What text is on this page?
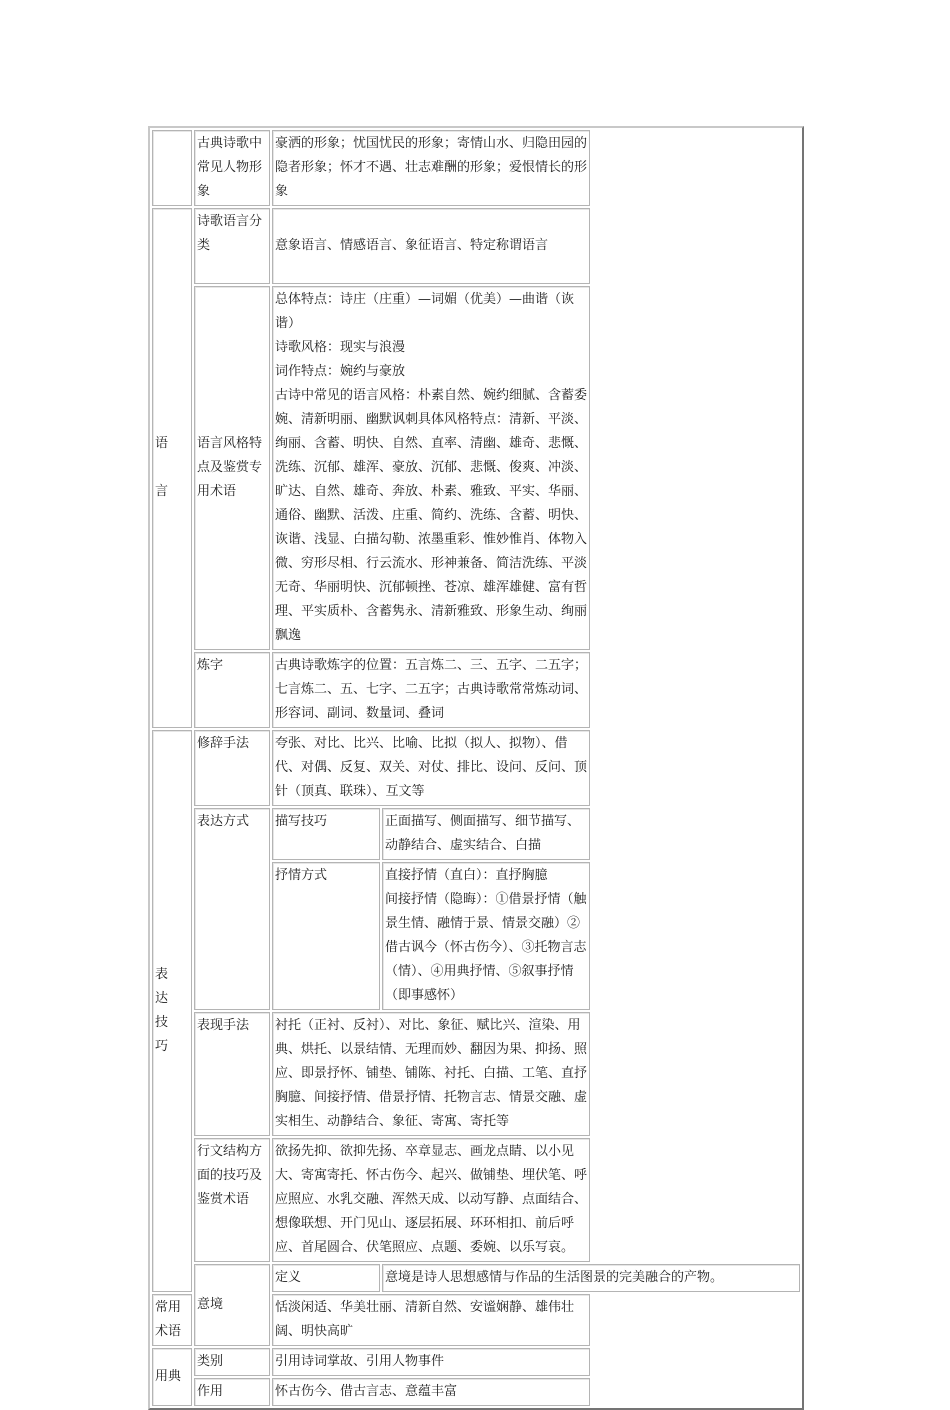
	古典诗歌中常见人物形象	豪洒的形象；忧国忧民的形象；寄情山水、归隐田园的隐者形象；怀才不遇、壮志难酬的形象；爱恨情长的形象	

语
言	诗歌语言分类	意象语言、情感语言、象征语言、特定称谓语言	
	语言风格特点及鉴赏专用术语	总体特点：诗庄（庄重）—词媚（优美）—曲谐（诙谐）
诗歌风格：现实与浪漫
词作特点：婉约与豪放
古诗中常见的语言风格：朴素自然、婉约细腻、含蓄委婉、清新明丽、幽默讽刺具体风格特点：清新、平淡、绚丽、含蓄、明快、自然、直率、清幽、雄奇、悲慨、洗练、沉郁、雄浑、豪放、沉郁、悲慨、俊爽、冲淡、旷达、自然、雄奇、奔放、朴素、雅致、平实、华丽、通俗、幽默、活泼、庄重、简约、洗练、含蓄、明快、诙谐、浅显、白描勾勒、浓墨重彩、惟妙惟肖、体物入微、穷形尽相、行云流水、形神兼备、简洁洗练、平淡无奇、华丽明快、沉郁顿挫、苍凉、雄浑雄健、富有哲理、平实质朴、含蓄隽永、清新雅致、形象生动、绚丽飘逸	

	炼字	古典诗歌炼字的位置：五言炼二、三、五字、二五字；七言炼二、五、七字、二五字；古典诗歌常常炼动词、形容词、副词、数量词、叠词	

表
达
技
巧	修辞手法	夸张、对比、比兴、比喻、比拟（拟人、拟物）、借代、对偶、反复、双关、对仗、排比、设问、反问、顶针（顶真、联珠）、互文等	
	表达方式	描写技巧	正面描写、侧面描写、细节描写、动静结合、虚实结合、白描
		抒情方式	直接抒情（直白）：直抒胸臆
间接抒情（隐晦）：①借景抒情（触景生情、融情于景、情景交融）②借古讽今（怀古伤今）、③托物言志（情）、④用典抒情、⑤叙事抒情（即事感怀）

	表现手法	衬托（正衬、反衬）、对比、象征、赋比兴、渲染、用典、烘托、以景结情、无理而妙、翻因为果、抑扬、照应、即景抒怀、铺垫、铺陈、衬托、白描、工笔、直抒胸臆、间接抒情、借景抒情、托物言志、情景交融、虚实相生、动静结合、象征、寄寓、寄托等	
	行文结构方面的技巧及鉴赏术语	欲扬先抑、欲抑先扬、卒章显志、画龙点睛、以小见大、寄寓寄托、怀古伤今、起兴、做铺垫、埋伏笔、呼应照应、水乳交融、浑然天成、以动写静、点面结合、想像联想、开门见山、逐层拓展、环环相扣、前后呼应、首尾圆合、伏笔照应、点题、委婉、以乐写哀。	
	意境	定义	意境是诗人思想感情与作品的生活图景的完美融合的产物。
常用术语		恬淡闲适、华美壮丽、清新自然、安谧娴静、雄伟壮阔、明快高旷	
用典	类别	引用诗词掌故、引用人物事件	
	作用	怀古伤今、借古言志、意蕴丰富	
